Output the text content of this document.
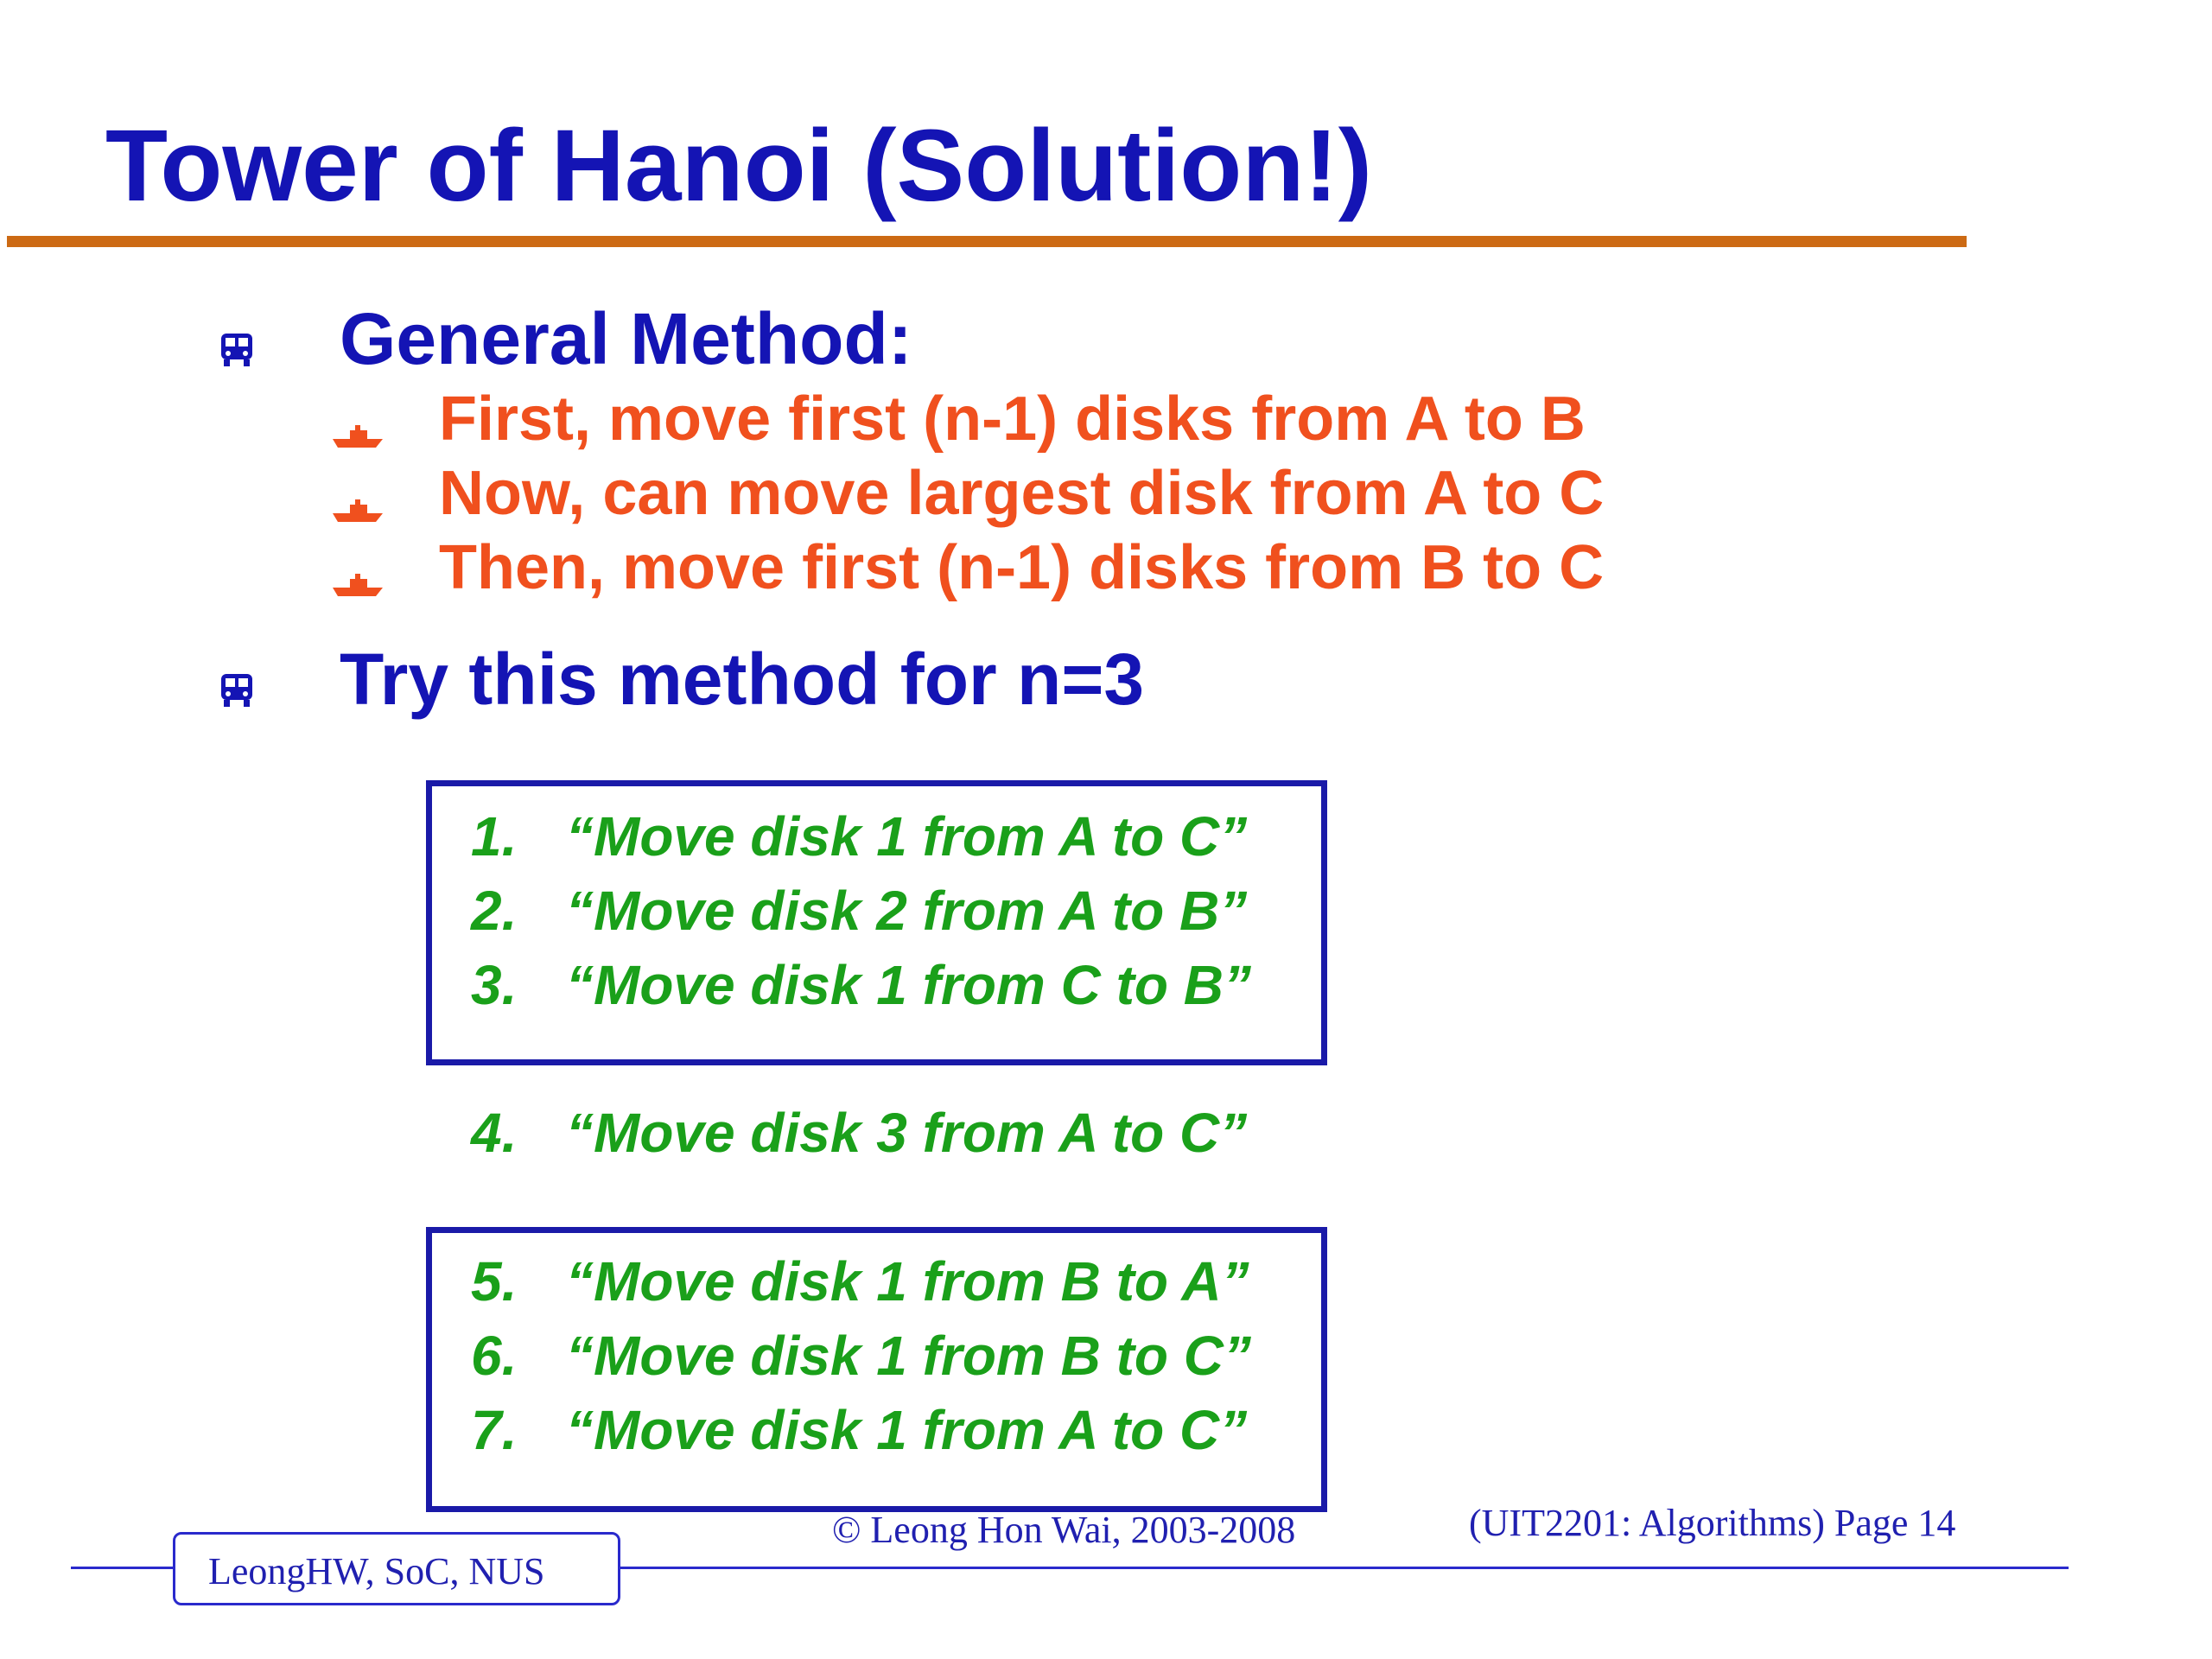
Tower of Hanoi (Solution!)
General Method:
First, move first (n-1) disks from A to B
Now, can move largest disk from A to C
Then, move first (n-1) disks from B to C
Try this method for n=3
1. “Move disk 1 from A to C”
2. “Move disk 2 from A to B”
3. “Move disk 1 from C to B”
4. “Move disk 3 from A to C”
5. “Move disk 1 from B to A”
6. “Move disk 1 from B to C”
7. “Move disk 1 from A to C”
LeongHW, SoC, NUS
© Leong Hon Wai, 2003-2008	(UIT2201: Algorithms) Page 14
